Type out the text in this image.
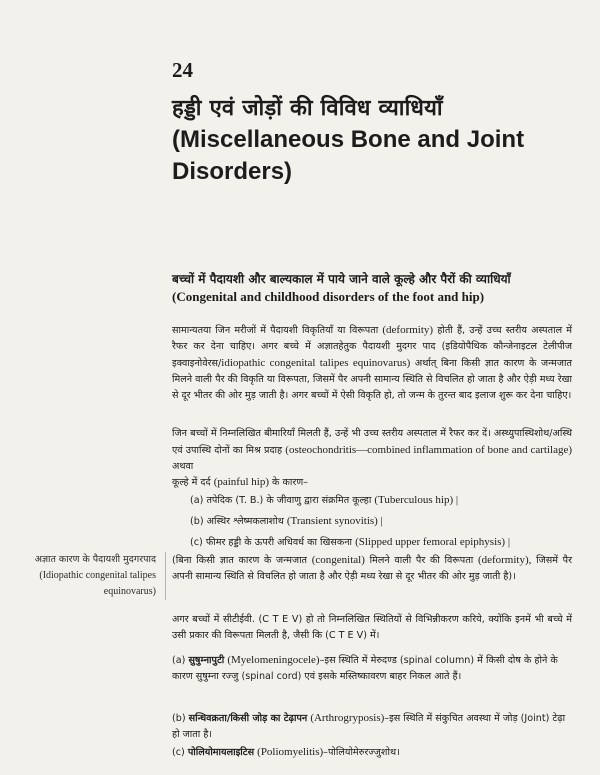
24
हड्डी एवं जोड़ों की विविध व्याधियाँ
(Miscellaneous Bone and Joint Disorders)
बच्चों में पैदायशी और बाल्यकाल में पाये जाने वाले कूल्हे और पैरों की व्याधियाँ (Congenital and childhood disorders of the foot and hip)
सामान्यतया जिन मरीजों में पैदायशी विकृतियाँ या विरूपता (deformity) होती हैं, उन्हें उच्च स्तरीय अस्पताल में रैफर कर देना चाहिए। अगर बच्चे में अज्ञातहेतुक पैदायशी मुदगर पाद (इडियोपैथिक कौन्जेनाइटल टेलीपीज इक्वाइनोवेरस/idiopathic congenital talipes equinovarus) अर्थात् बिना किसी ज्ञात कारण के जन्मजात मिलने वाली पैर की विकृति या विरूपता, जिसमें पैर अपनी सामान्य स्थिति से विचलित हो जाता है और ऐड़ी मध्य रेखा से दूर भीतर की ओर मुड़ जाती है। अगर बच्चों में ऐसी विकृति हो, तो जन्म के तुरन्त बाद इलाज शुरू कर देना चाहिए।
जिन बच्चों में निम्नलिखित बीमारियाँ मिलती हैं, उन्हें भी उच्च स्तरीय अस्पताल में रैफर कर दें। अस्थ्युपास्थिशोथ/अस्थि एवं उपास्थि दोनों का मिश्र प्रदाह (osteochondritis—combined inflammation of bone and cartilage) अथवा
कूल्हे में दर्द (painful hip) के कारण–
(a) तपेदिक (T. B.) के जीवाणु द्वारा संक्रमित कूल्हा (Tuberculous hip) |
(b) अस्थिर श्लेष्मकलाशोथ (Transient synovitis) |
(c) फीमर हड्डी के ऊपरी अधिवर्ध का खिसकना (Slipped upper femoral epiphysis) |
अज्ञात कारण के पैदायशी मुदगरपाद (Idiopathic congenital talipes equinovarus)
(बिना किसी ज्ञात कारण के जन्मजात (congenital) मिलने वाली पैर की विरूपता (deformity), जिसमें पैर अपनी सामान्य स्थिति से विचलित हो जाता है और ऐड़ी मध्य रेखा से दूर भीतर की ओर मुड़ जाती है)।
अगर बच्चों में सीटीईवी. (C T E V) हो तो निम्नलिखित स्थितियों से विभिन्नीकरण करिये, क्योंकि इनमें भी बच्चे में उसी प्रकार की विरूपता मिलती है, जैसी कि (C T E V) में।
(a) सुषुम्नापुटी (Myelomeningocele)–इस स्थिति में मेरुदण्ड (spinal column) में किसी दोष के होने के कारण सुषुम्ना रज्जु (spinal cord) एवं इसके मस्तिष्कावरण बाहर निकल आते हैं।
(b) सन्धिवक्रता/किसी जोड़ का टेढ़ापन (Arthrogryposis)–इस स्थिति में संकुचित अवस्था में जोड़ (Joint) टेढ़ा हो जाता है।
(c) पोलियोमायलाइटिस (Poliomyelitis)–पोलियोमेरुरज्जुशोथ।
